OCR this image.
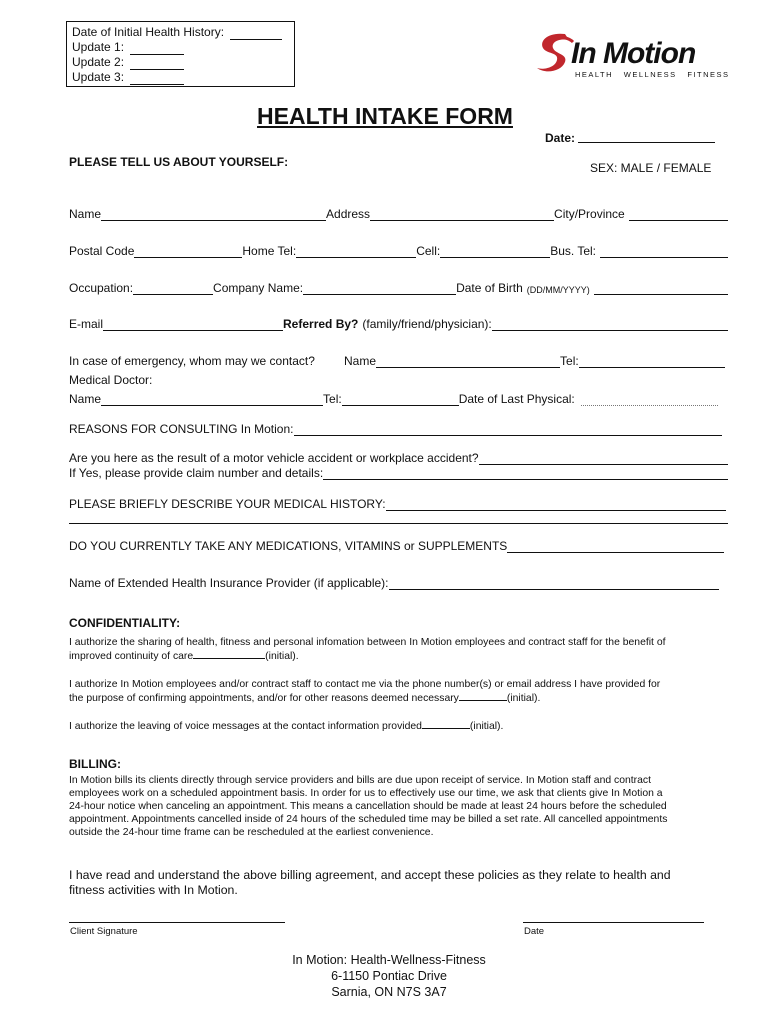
Date of Initial Health History:
Update 1:
Update 2:
Update 3:
In Motion
HEALTH   WELLNESS   FITNESS
HEALTH INTAKE FORM
Date:
PLEASE TELL US ABOUT YOURSELF:	SEX: MALE / FEMALE
Name	Address	City/Province
Postal Code	Home Tel:	Cell:	Bus. Tel:
Occupation:	Company Name:	Date of Birth (DD/MM/YYYY)
E-mail	Referred By? (family/friend/physician):
In case of emergency, whom may we contact?	Name	Tel:
Medical Doctor:
Name	Tel:	Date of Last Physical:
REASONS FOR CONSULTING In Motion:
Are you here as the result of a motor vehicle accident or workplace accident?
If Yes, please provide claim number and details:
PLEASE BRIEFLY DESCRIBE YOUR MEDICAL HISTORY:
DO YOU CURRENTLY TAKE ANY MEDICATIONS, VITAMINS or SUPPLEMENTS
Name of Extended Health Insurance Provider (if applicable):
CONFIDENTIALITY:
I authorize the sharing of health, fitness and personal infomation between In Motion employees and contract staff for the benefit of
improved continuity of care	(initial).
I authorize In Motion employees and/or contract staff to contact me via the phone number(s) or email address I have provided for
the purpose of confirming appointments, and/or for other reasons deemed necessary	(initial).
I authorize the leaving of voice messages at the contact information provided	(initial).
BILLING:
In Motion bills its clients directly through service providers and bills are due upon receipt of service. In Motion staff and contract
employees work on a scheduled appointment basis. In order for us to effectively use our time, we ask that clients give In Motion a
24-hour notice when canceling an appointment. This means a cancellation should be made at least 24 hours before the scheduled
appointment. Appointments cancelled inside of 24 hours of the scheduled time may be billed a set rate. All cancelled appointments
outside the 24-hour time frame can be rescheduled at the earliest convenience.
I have read and understand the above billing agreement, and accept these policies as they relate to health and
fitness activities with In Motion.
Client Signature	Date
In Motion: Health-Wellness-Fitness
6-1150 Pontiac Drive
Sarnia, ON N7S 3A7
